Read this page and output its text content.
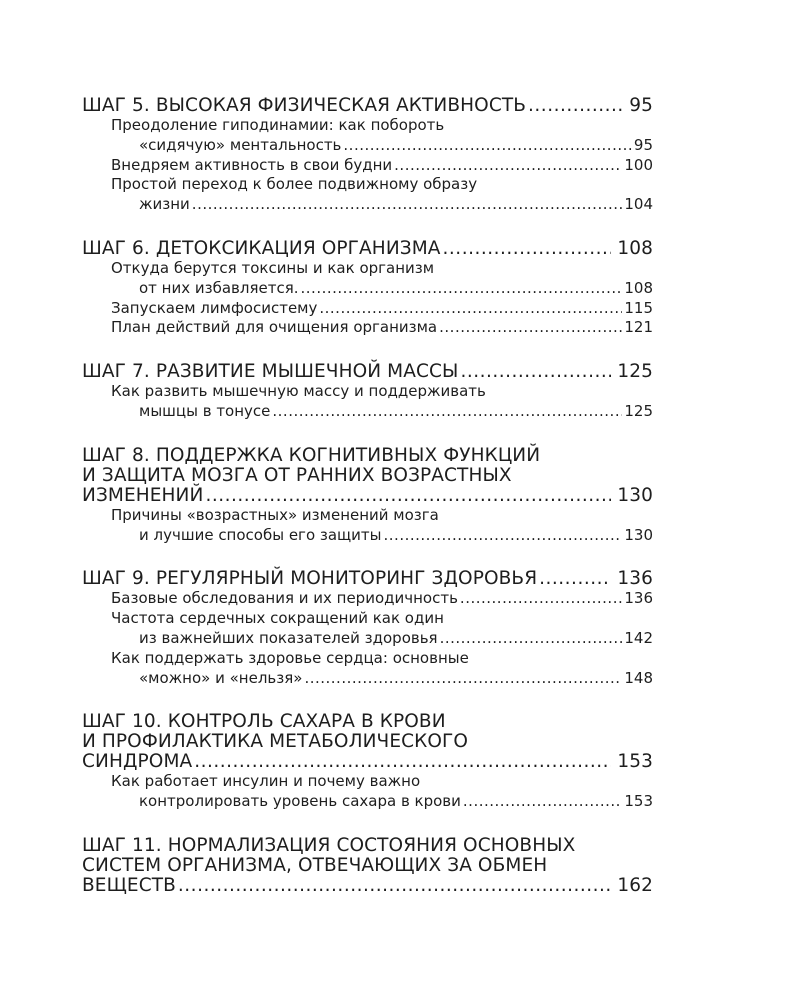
ШАГ 5. ВЫСОКАЯ ФИЗИЧЕСКАЯ АКТИВНОСТЬ .....	95
Преодоление гиподинамии: как побороть
«сидячую» ментальность .....	95
Внедряем активность в свои будни .....	100
Простой переход к более подвижному образу
жизни .....	104
ШАГ 6. ДЕТОКСИКАЦИЯ ОРГАНИЗМА .....	108
Откуда берутся токсины и как организм
от них избавляется. .....	108
Запускаем лимфосистему .....	115
План действий для очищения организма .....	121
ШАГ 7. РАЗВИТИЕ МЫШЕЧНОЙ МАССЫ .....	125
Как развить мышечную массу и поддерживать
мышцы в тонусе .....	125
ШАГ 8. ПОДДЕРЖКА КОГНИТИВНЫХ ФУНКЦИЙ
И ЗАЩИТА МОЗГА ОТ РАННИХ ВОЗРАСТНЫХ
ИЗМЕНЕНИЙ .....	130
Причины «возрастных» изменений мозга
и лучшие способы его защиты .....	130
ШАГ 9. РЕГУЛЯРНЫЙ МОНИТОРИНГ ЗДОРОВЬЯ .....	136
Базовые обследования и их периодичность .....	136
Частота сердечных сокращений как один
из важнейших показателей здоровья .....	142
Как поддержать здоровье сердца: основные
«можно» и «нельзя» .....	148
ШАГ 10. КОНТРОЛЬ САХАРА В КРОВИ
И ПРОФИЛАКТИКА МЕТАБОЛИЧЕСКОГО
СИНДРОМА .....	153
Как работает инсулин и почему важно
контролировать уровень сахара в крови .....	153
ШАГ 11. НОРМАЛИЗАЦИЯ СОСТОЯНИЯ ОСНОВНЫХ
СИСТЕМ ОРГАНИЗМА, ОТВЕЧАЮЩИХ ЗА ОБМЕН
ВЕЩЕСТВ .....	162
